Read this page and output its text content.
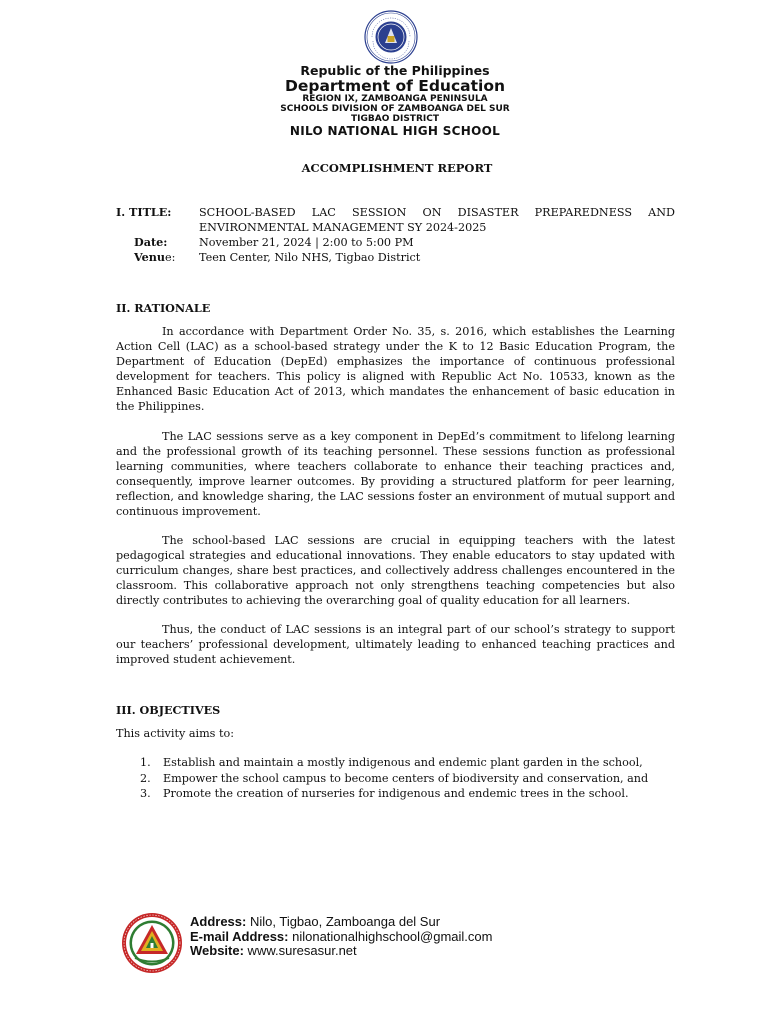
Republic of the Philippines
Department of Education
REGION IX, ZAMBOANGA PENINSULA
SCHOOLS DIVISION OF ZAMBOANGA DEL SUR
TIGBAO DISTRICT
NILO NATIONAL HIGH SCHOOL
ACCOMPLISHMENT REPORT
I. TITLE: SCHOOL-BASED LAC SESSION ON DISASTER PREPAREDNESS AND ENVIRONMENTAL MANAGEMENT SY 2024-2025
Date:	November 21, 2024 | 2:00 to 5:00 PM
Venue: Teen Center, Nilo NHS, Tigbao District
II. RATIONALE

In accordance with Department Order No. 35, s. 2016, which establishes the Learning Action Cell (LAC) as a school-based strategy under the K to 12 Basic Education Program, the Department of Education (DepEd) emphasizes the importance of continuous professional development for teachers. This policy is aligned with Republic Act No. 10533, known as the Enhanced Basic Education Act of 2013, which mandates the enhancement of basic education in the Philippines.

The LAC sessions serve as a key component in DepEd’s commitment to lifelong learning and the professional growth of its teaching personnel. These sessions function as professional learning communities, where teachers collaborate to enhance their teaching practices and, consequently, improve learner outcomes. By providing a structured platform for peer learning, reflection, and knowledge sharing, the LAC sessions foster an environment of mutual support and continuous improvement.

The school-based LAC sessions are crucial in equipping teachers with the latest pedagogical strategies and educational innovations. They enable educators to stay updated with curriculum changes, share best practices, and collectively address challenges encountered in the classroom. This collaborative approach not only strengthens teaching competencies but also directly contributes to achieving the overarching goal of quality education for all learners.

Thus, the conduct of LAC sessions is an integral part of our school’s strategy to support our teachers’ professional development, ultimately leading to enhanced teaching practices and improved student achievement.

III. OBJECTIVES
This activity aims to:
1. Establish and maintain a mostly indigenous and endemic plant garden in the school,
2. Empower the school campus to become centers of biodiversity and conservation, and
3. Promote the creation of nurseries for indigenous and endemic trees in the school.
Address: Nilo, Tigbao, Zamboanga del Sur
E-mail Address: nilonationalhighschool@gmail.com
Website: www.suresasur.net
